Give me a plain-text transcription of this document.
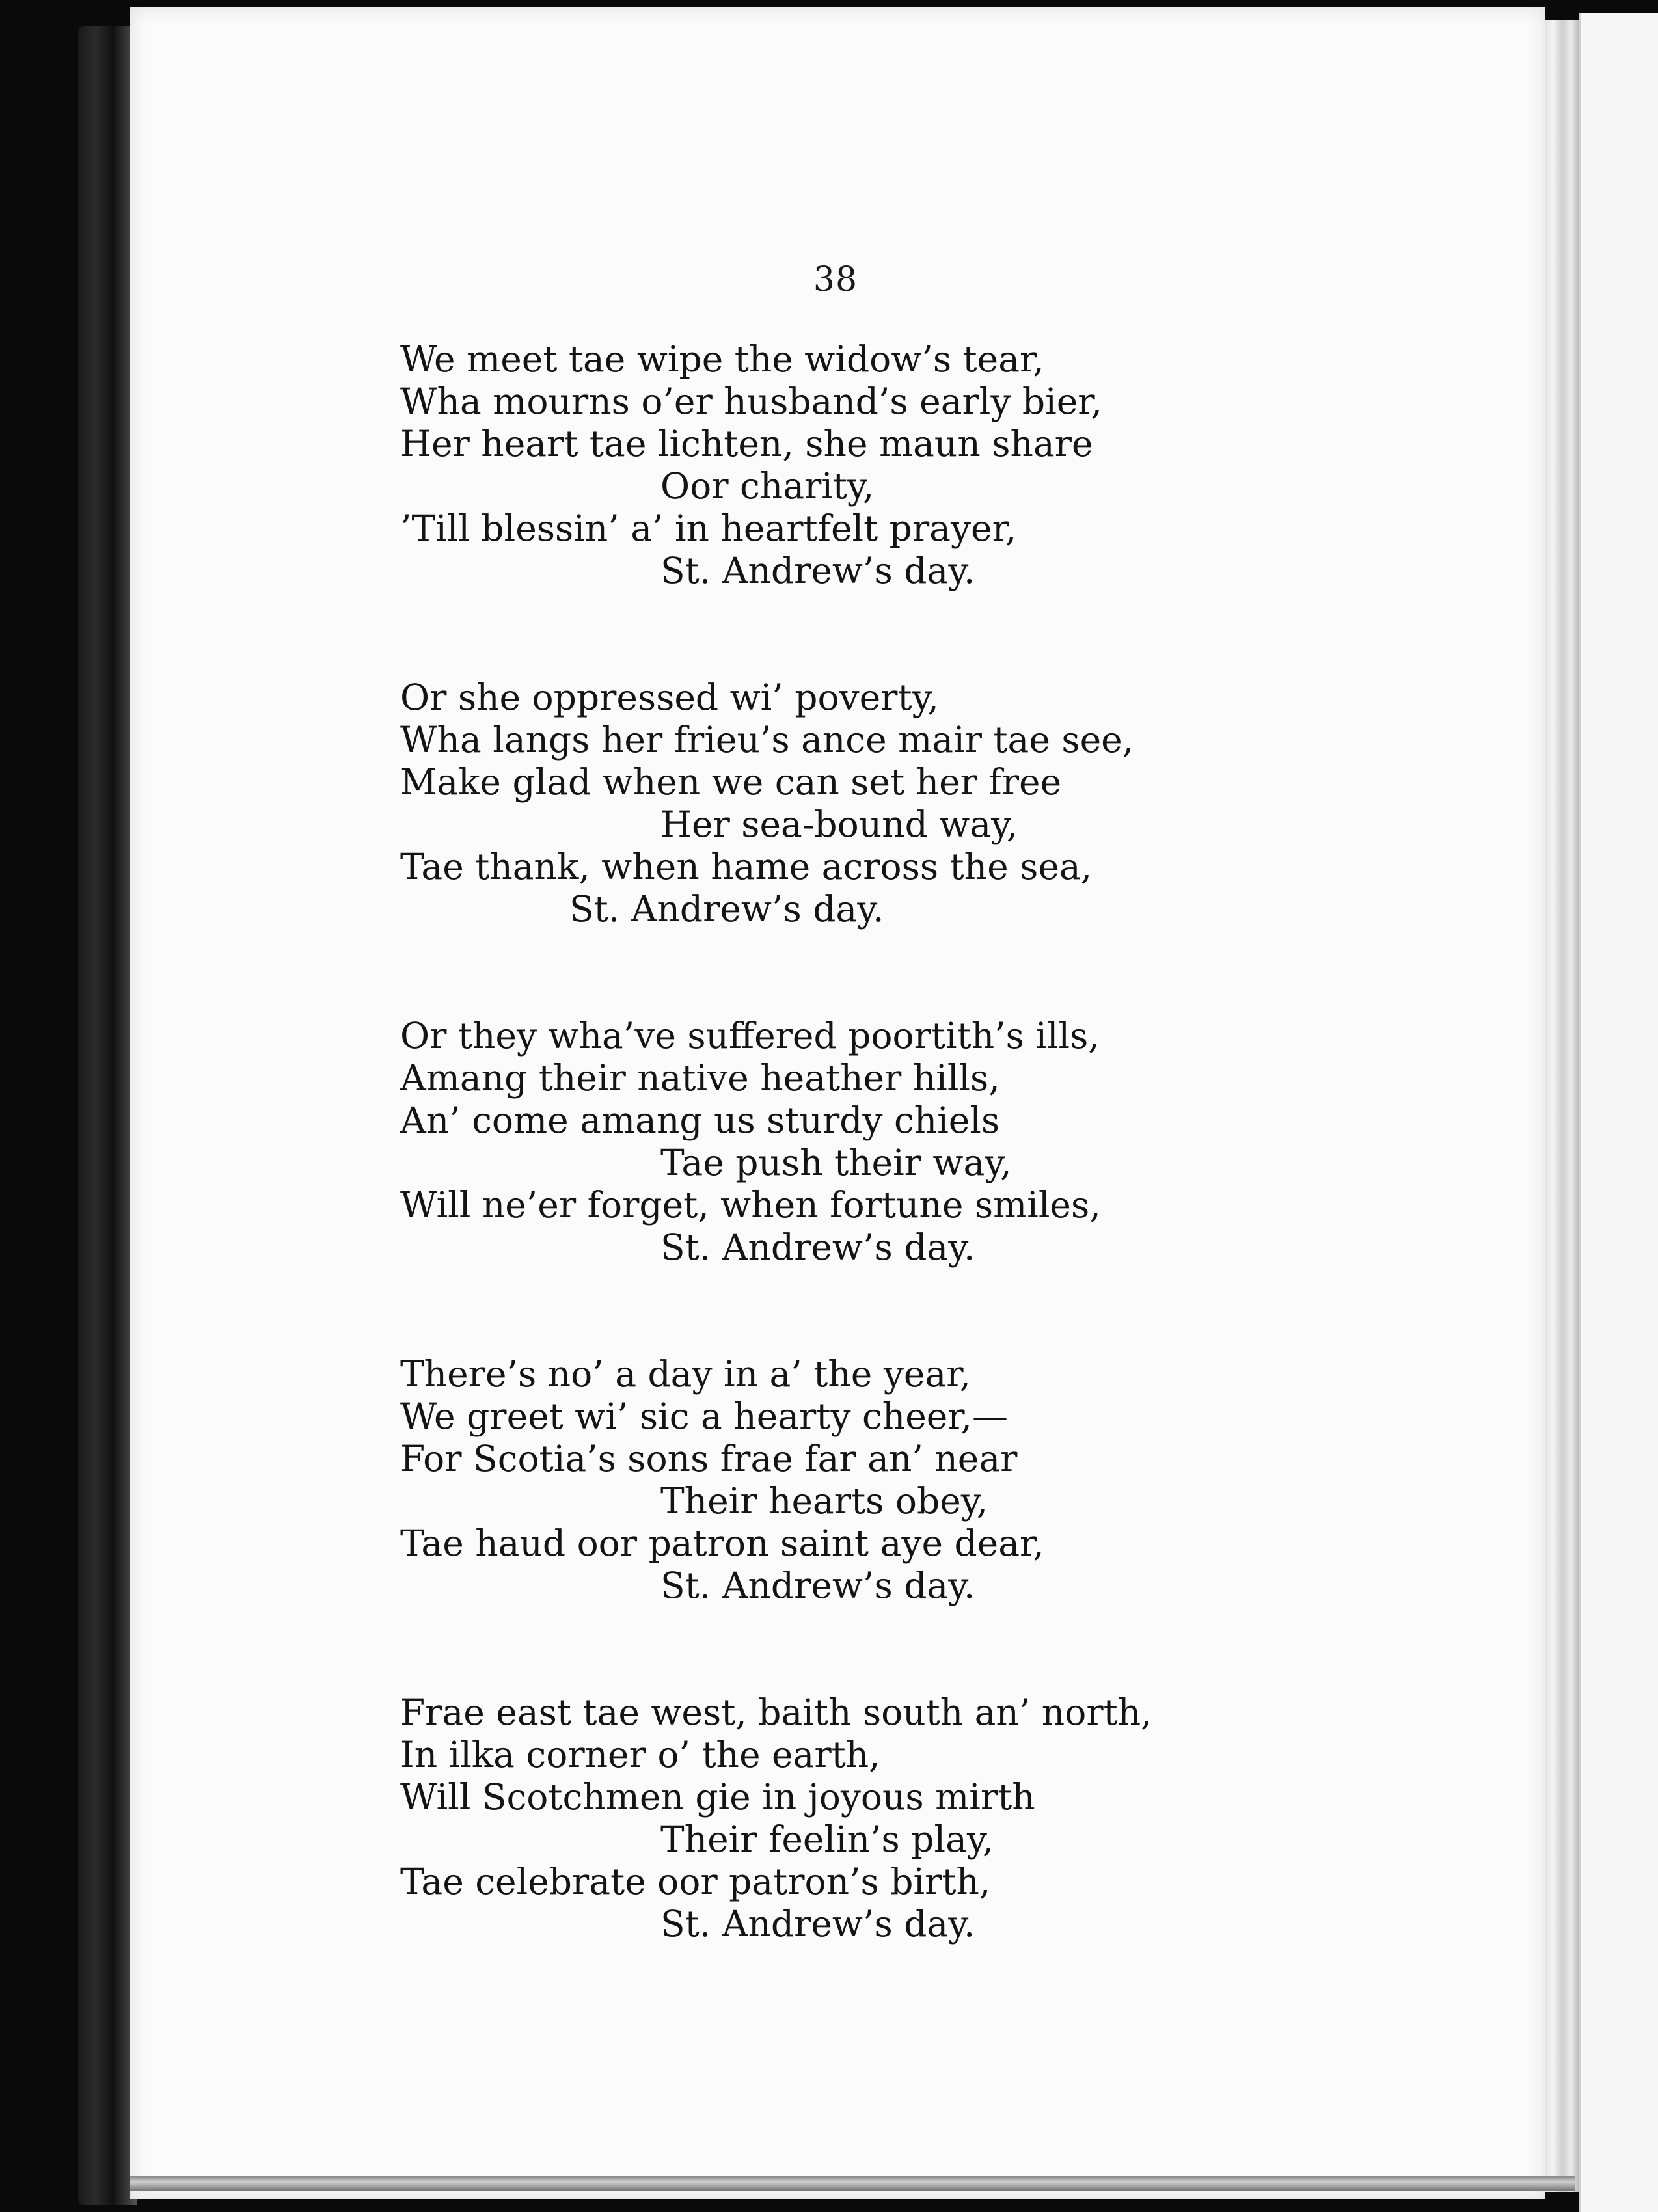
38
We meet tae wipe the widow’s tear,
Wha mourns o’er husband’s early bier,
Her heart tae lichten, she maun share
Oor charity,
’Till blessin’ a’ in heartfelt prayer,
St. Andrew’s day.
Or she oppressed wi’ poverty,
Wha langs her frieu’s ance mair tae see,
Make glad when we can set her free
Her sea-bound way,
Tae thank, when hame across the sea,
St. Andrew’s day.
Or they wha’ve suffered poortith’s ills,
Amang their native heather hills,
An’ come amang us sturdy chiels
Tae push their way,
Will ne’er forget, when fortune smiles,
St. Andrew’s day.
There’s no’ a day in a’ the year,
We greet wi’ sic a hearty cheer,—
For Scotia’s sons frae far an’ near
Their hearts obey,
Tae haud oor patron saint aye dear,
St. Andrew’s day.
Frae east tae west, baith south an’ north,
In ilka corner o’ the earth,
Will Scotchmen gie in joyous mirth
Their feelin’s play,
Tae celebrate oor patron’s birth,
St. Andrew’s day.
